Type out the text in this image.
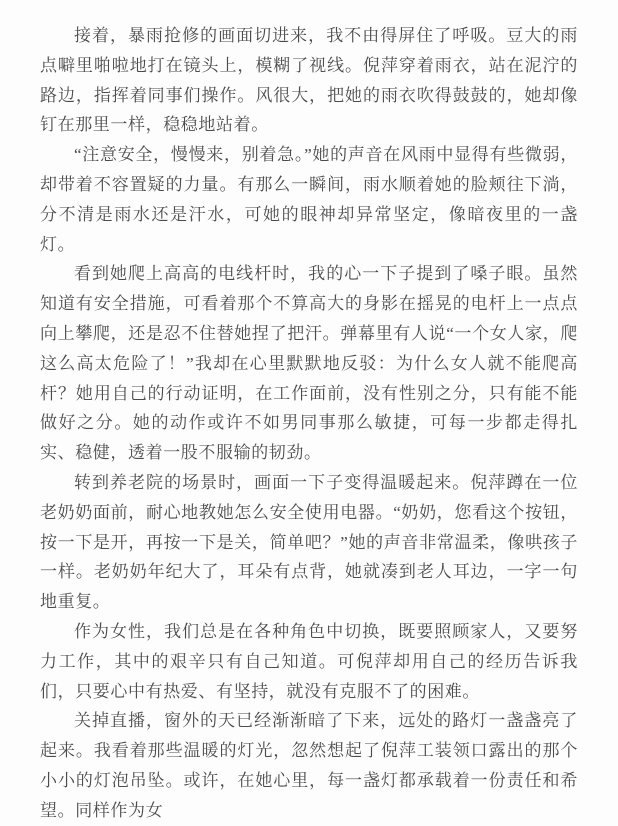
接着，暴雨抢修的画面切进来，我不由得屏住了呼吸。豆大的雨点噼里啪啦地打在镜头上，模糊了视线。倪萍穿着雨衣，站在泥泞的路边，指挥着同事们操作。风很大，把她的雨衣吹得鼓鼓的，她却像钉在那里一样，稳稳地站着。

“注意安全，慢慢来，别着急。”她的声音在风雨中显得有些微弱，却带着不容置疑的力量。有那么一瞬间，雨水顺着她的脸颊往下淌，分不清是雨水还是汗水，可她的眼神却异常坚定，像暗夜里的一盏灯。

看到她爬上高高的电线杆时，我的心一下子提到了嗓子眼。虽然知道有安全措施，可看着那个不算高大的身影在摇晃的电杆上一点点向上攀爬，还是忍不住替她捏了把汗。弹幕里有人说“一个女人家，爬这么高太危险了！”我却在心里默默地反驳：为什么女人就不能爬高杆？她用自己的行动证明，在工作面前，没有性别之分，只有能不能做好之分。她的动作或许不如男同事那么敏捷，可每一步都走得扎实、稳健，透着一股不服输的韧劲。

转到养老院的场景时，画面一下子变得温暖起来。倪萍蹲在一位老奶奶面前，耐心地教她怎么安全使用电器。“奶奶，您看这个按钮，按一下是开，再按一下是关，简单吧？”她的声音非常温柔，像哄孩子一样。老奶奶年纪大了，耳朵有点背，她就凑到老人耳边，一字一句地重复。

作为女性，我们总是在各种角色中切换，既要照顾家人，又要努力工作，其中的艰辛只有自己知道。可倪萍却用自己的经历告诉我们，只要心中有热爱、有坚持，就没有克服不了的困难。

关掉直播，窗外的天已经渐渐暗了下来，远处的路灯一盏盏亮了起来。我看着那些温暖的灯光，忽然想起了倪萍工装领口露出的那个小小的灯泡吊坠。或许，在她心里，每一盏灯都承载着一份责任和希望。同样作为女
